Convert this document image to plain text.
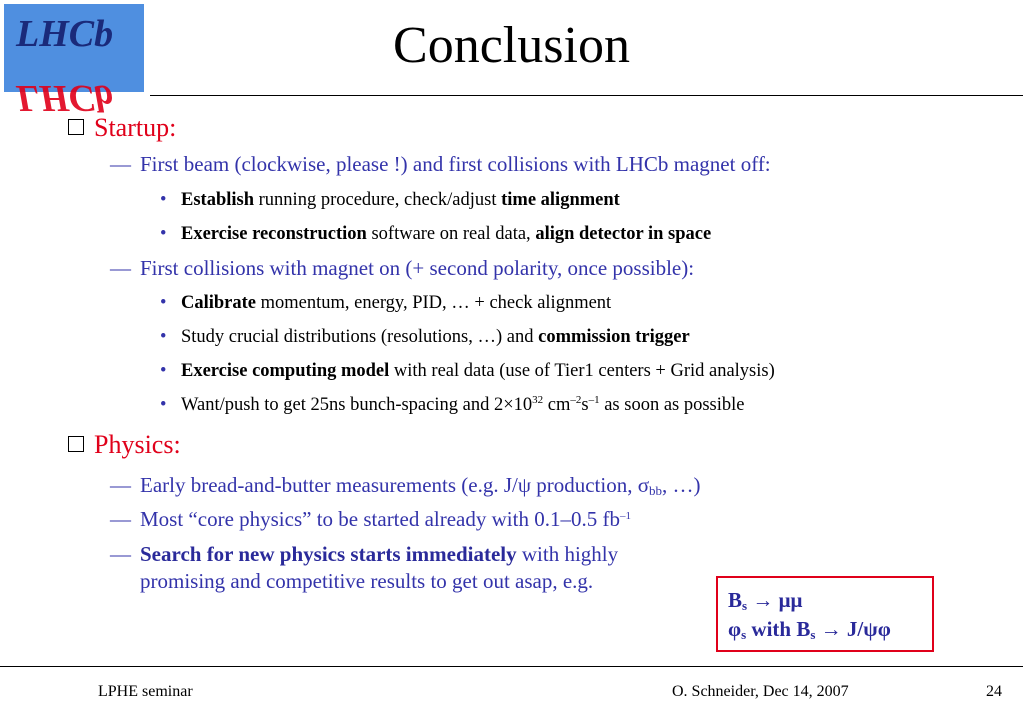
LHCb
LHCb
Conclusion
Startup:
— First beam (clockwise, please !) and first collisions with LHCb magnet off:
• Establish running procedure, check/adjust time alignment
• Exercise reconstruction software on real data, align detector in space
— First collisions with magnet on (+ second polarity, once possible):
• Calibrate momentum, energy, PID, … + check alignment
• Study crucial distributions (resolutions, …) and commission trigger
• Exercise computing model with real data (use of Tier1 centers + Grid analysis)
• Want/push to get 25ns bunch-spacing and $2\times 10^{32}$ $cm^{-2}s^{-1}$ as soon as possible
Physics:
— Early bread-and-butter measurements (e.g. J/ψ production, $\sigma_{bb}$, …)
— Most “core physics” to be started already with 0.1–0.5 $fb^{-1}$
— Search for new physics starts immediately with highly
promising and competitive results to get out asap, e.g.
$B_s \to \mu\mu$
$\varphi_s$ with $B_s \to J/\psi\varphi$
LPHE seminar	O. Schneider, Dec 14, 2007	24
